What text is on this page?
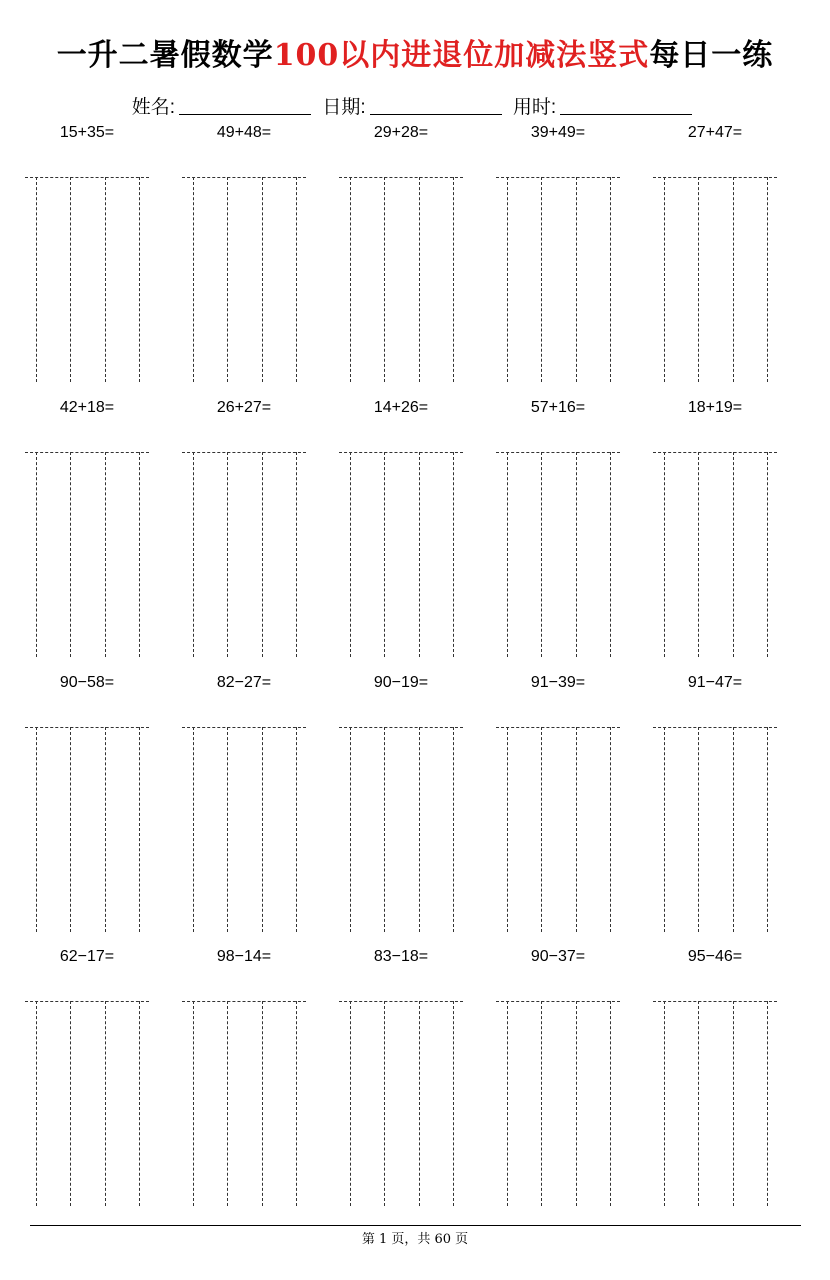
一升二暑假数学100以内进退位加减法竖式每日一练
姓名:	日期:	用时:
15+35=	49+48=	29+28=	39+49=	27+47=
42+18=	26+27=	14+26=	57+16=	18+19=
90−58=	82−27=	90−19=	91−39=	91−47=
62−17=	98−14=	83−18=	90−37=	95−46=
第 1 页，共 60 页
